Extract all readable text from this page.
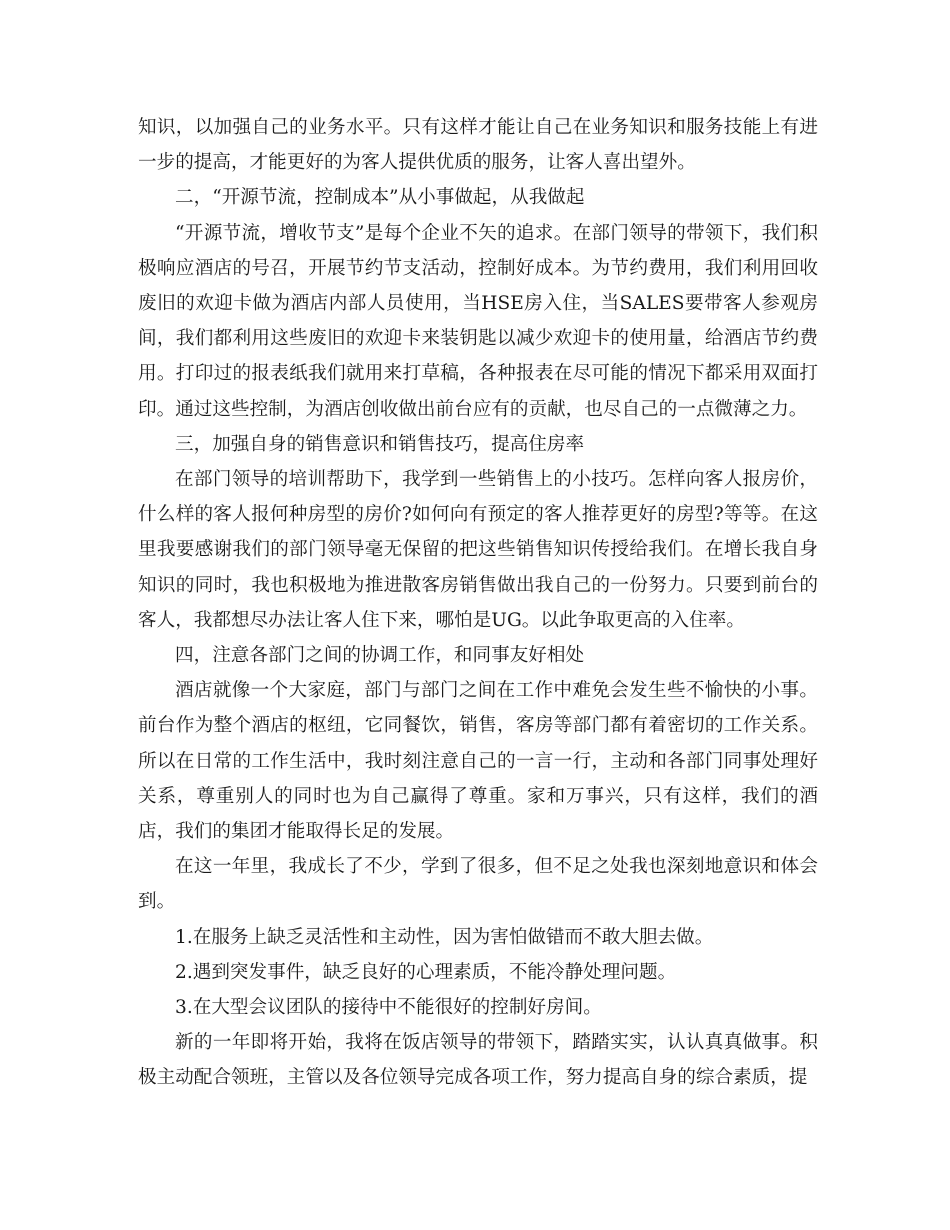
知识，以加强自己的业务水平。只有这样才能让自己在业务知识和服务技能上有进一步的提高，才能更好的为客人提供优质的服务，让客人喜出望外。

二，“开源节流，控制成本”从小事做起，从我做起

“开源节流，增收节支”是每个企业不矢的追求。在部门领导的带领下，我们积极响应酒店的号召，开展节约节支活动，控制好成本。为节约费用，我们利用回收废旧的欢迎卡做为酒店内部人员使用，当HSE房入住，当SALES要带客人参观房间，我们都利用这些废旧的欢迎卡来装钥匙以减少欢迎卡的使用量，给酒店节约费用。打印过的报表纸我们就用来打草稿，各种报表在尽可能的情况下都采用双面打印。通过这些控制，为酒店创收做出前台应有的贡献，也尽自己的一点微薄之力。

三，加强自身的销售意识和销售技巧，提高住房率

在部门领导的培训帮助下，我学到一些销售上的小技巧。怎样向客人报房价，什么样的客人报何种房型的房价?如何向有预定的客人推荐更好的房型?等等。在这里我要感谢我们的部门领导毫无保留的把这些销售知识传授给我们。在增长我自身知识的同时，我也积极地为推进散客房销售做出我自己的一份努力。只要到前台的客人，我都想尽办法让客人住下来，哪怕是UG。以此争取更高的入住率。

四，注意各部门之间的协调工作，和同事友好相处

酒店就像一个大家庭，部门与部门之间在工作中难免会发生些不愉快的小事。前台作为整个酒店的枢纽，它同餐饮，销售，客房等部门都有着密切的工作关系。所以在日常的工作生活中，我时刻注意自己的一言一行，主动和各部门同事处理好关系，尊重别人的同时也为自己赢得了尊重。家和万事兴，只有这样，我们的酒店，我们的集团才能取得长足的发展。

在这一年里，我成长了不少，学到了很多，但不足之处我也深刻地意识和体会到。

1.在服务上缺乏灵活性和主动性，因为害怕做错而不敢大胆去做。

2.遇到突发事件，缺乏良好的心理素质，不能冷静处理问题。

3.在大型会议团队的接待中不能很好的控制好房间。

新的一年即将开始，我将在饭店领导的带领下，踏踏实实，认认真真做事。积极主动配合领班，主管以及各位领导完成各项工作，努力提高自身的综合素质，提
